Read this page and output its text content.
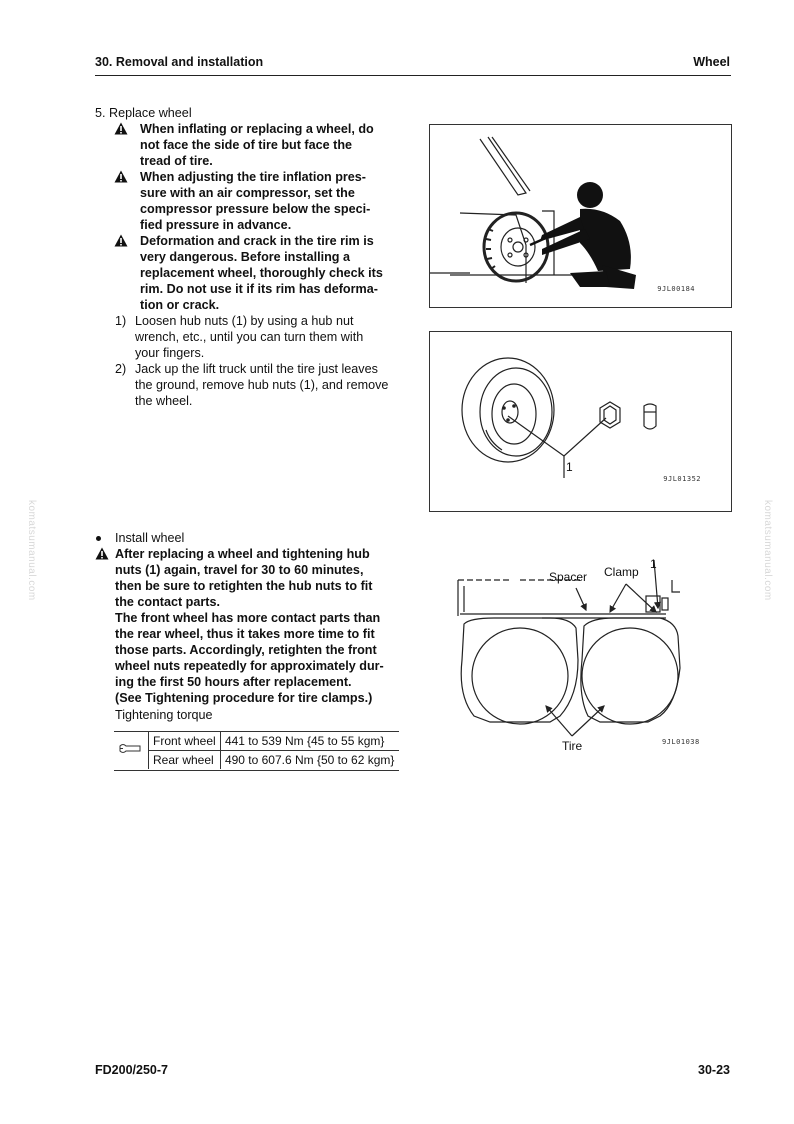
30. Removal and installation	Wheel
komatsumanual.com	komatsumanual.com
5. Replace wheel
When inflating or replacing a wheel, do
not face the side of tire but face the
tread of tire.
When adjusting the tire inflation pres-
sure with an air compressor, set the
compressor pressure below the speci-
fied pressure in advance.
Deformation and crack in the tire rim is
very dangerous. Before installing a
replacement wheel, thoroughly check its
rim. Do not use it if its rim has deforma-
tion or crack.
1) Loosen hub nuts (1) by using a hub nut
wrench, etc., until you can turn them with
your fingers.
2) Jack up the lift truck until the tire just leaves
the ground, remove hub nuts (1), and remove
the wheel.
Install wheel
After replacing a wheel and tightening hub
nuts (1) again, travel for 30 to 60 minutes,
then be sure to retighten the hub nuts to fit
the contact parts.
The front wheel has more contact parts than
the rear wheel, thus it takes more time to fit
those parts. Accordingly, retighten the front
wheel nuts repeatedly for approximately dur-
ing the first 50 hours after replacement.
(See Tightening procedure for tire clamps.)
Tightening torque
Front wheel	441 to 539 Nm {45 to 55 kgm}
Rear wheel	490 to 607.6 Nm {50 to 62 kgm}
9JL00184
1
9JL01352
Spacer Clamp
1
Tire	9JL01038
FD200/250-7	30-23
